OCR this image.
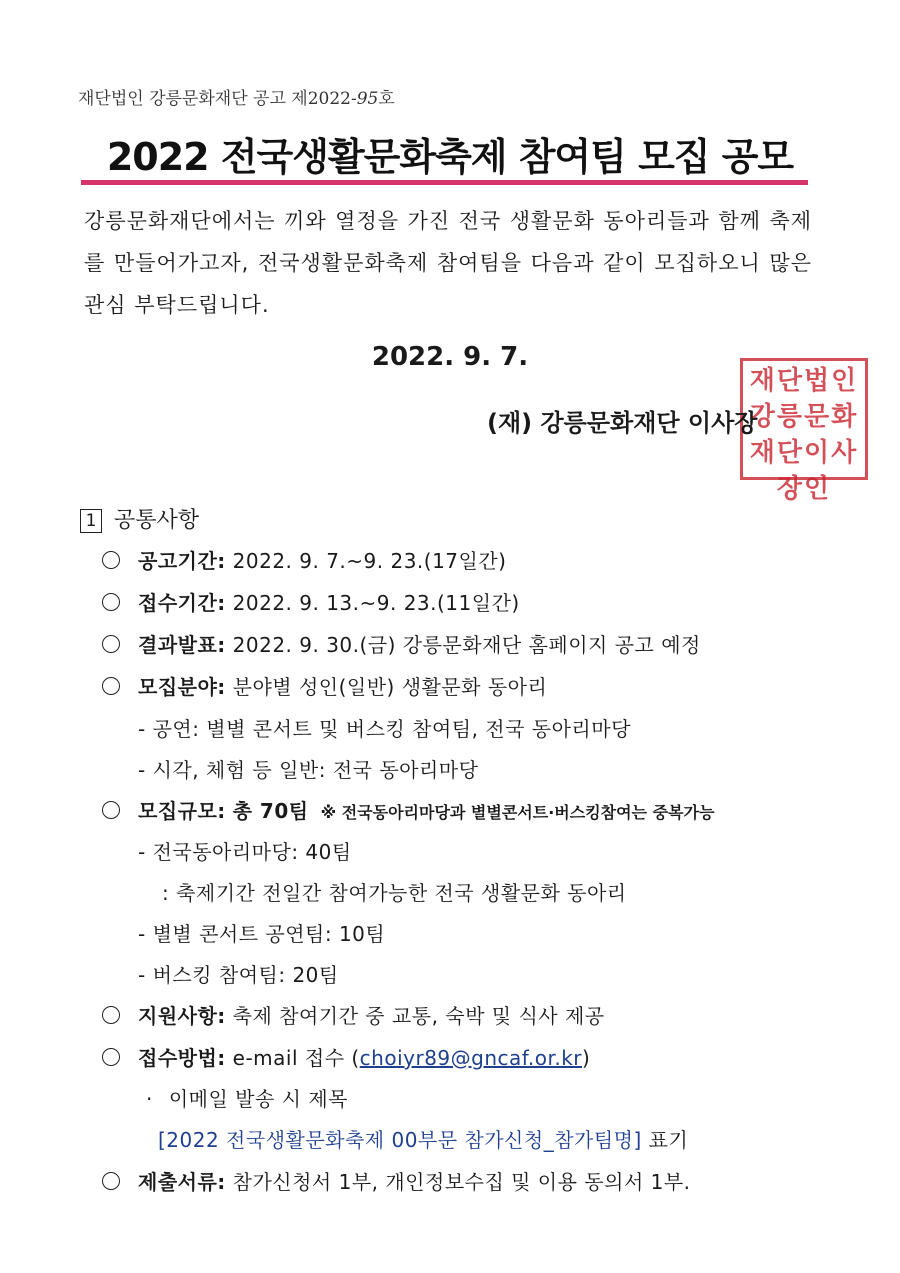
재단법인 강릉문화재단 공고 제2022-95호
2022 전국생활문화축제 참여팀 모집 공모
강릉문화재단에서는 끼와 열정을 가진 전국 생활문화 동아리들과 함께 축제를 만들어가고자, 전국생활문화축제 참여팀을 다음과 같이 모집하오니 많은 관심 부탁드립니다.
2022. 9. 7.
재단법인
강릉문화
재단이사장인
(재) 강릉문화재단 이사장
1 공통사항
공고기간: 2022. 9. 7.~9. 23.(17일간)
접수기간: 2022. 9. 13.~9. 23.(11일간)
결과발표: 2022. 9. 30.(금) 강릉문화재단 홈페이지 공고 예정
모집분야: 분야별 성인(일반) 생활문화 동아리
- 공연: 별별 콘서트 및 버스킹 참여팀, 전국 동아리마당
- 시각, 체험 등 일반: 전국 동아리마당
모집규모: 총 70팀 ※ 전국동아리마당과 별별콘서트·버스킹참여는 중복가능
- 전국동아리마당: 40팀
: 축제기간 전일간 참여가능한 전국 생활문화 동아리
- 별별 콘서트 공연팀: 10팀
- 버스킹 참여팀: 20팀
지원사항: 축제 참여기간 중 교통, 숙박 및 식사 제공
접수방법: e-mail 접수 (choiyr89@gncaf.or.kr)
· 이메일 발송 시 제목
[2022 전국생활문화축제 00부문 참가신청_참가팀명] 표기
제출서류: 참가신청서 1부, 개인정보수집 및 이용 동의서 1부.
